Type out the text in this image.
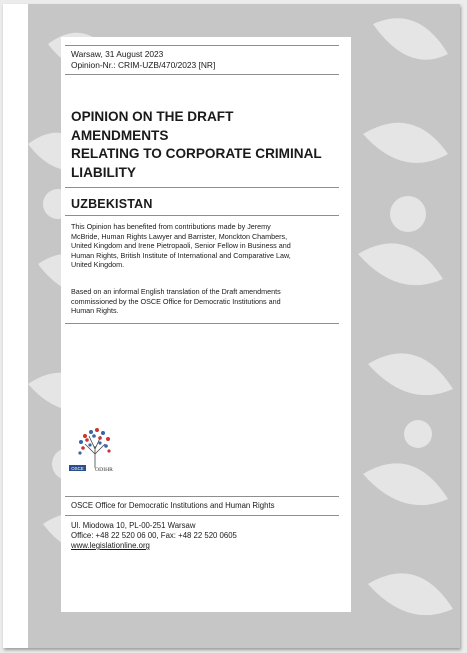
Warsaw, 31 August 2023
Opinion-Nr.: CRIM-UZB/470/2023 [NR]
OPINION ON THE DRAFT AMENDMENTS
RELATING TO CORPORATE CRIMINAL
LIABILITY
UZBEKISTAN
This Opinion has benefited from contributions made by Jeremy
McBride, Human Rights Lawyer and Barrister, Monckton Chambers,
United Kingdom and Irene Pietropaoli, Senior Fellow in Business and
Human Rights, British Institute of International and Comparative Law,
United Kingdom.
Based on an informal English translation of the Draft amendments
commissioned by the OSCE Office for Democratic Institutions and
Human Rights.
OSCE ODIHR
OSCE Office for Democratic Institutions and Human Rights
Ul. Miodowa 10, PL-00-251 Warsaw
Office: +48 22 520 06 00, Fax: +48 22 520 0605
www.legislationline.org
